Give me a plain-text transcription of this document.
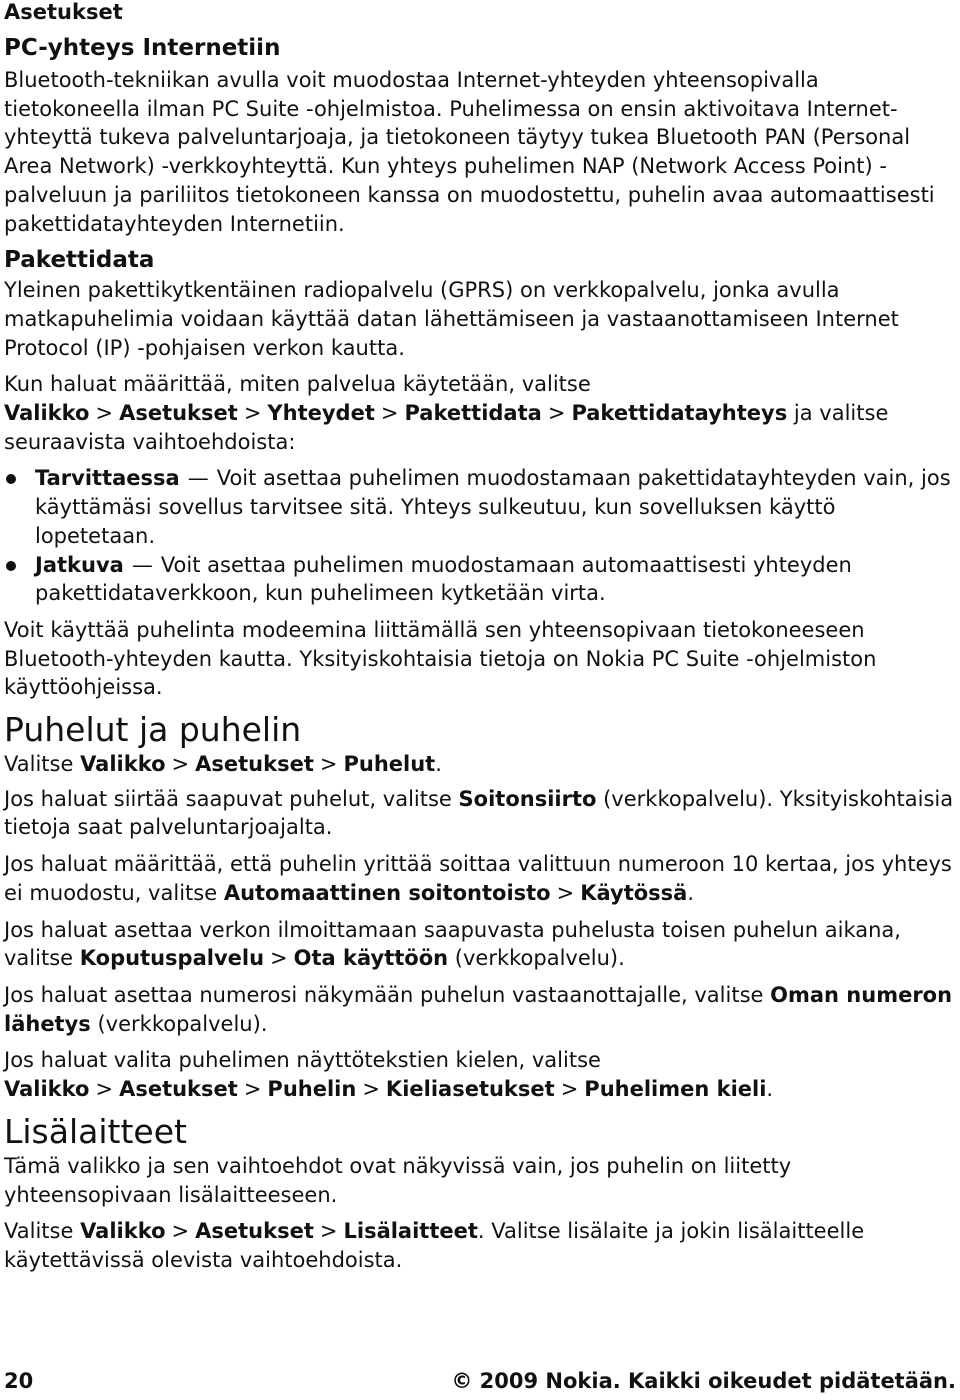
Asetukset
PC-yhteys Internetiin

Bluetooth-tekniikan avulla voit muodostaa Internet-yhteyden yhteensopivalla tietokoneella ilman PC Suite -ohjelmistoa. Puhelimessa on ensin aktivoitava Internet-yhteyttä tukeva palveluntarjoaja, ja tietokoneen täytyy tukea Bluetooth PAN (Personal Area Network) -verkkoyhteyttä. Kun yhteys puhelimen NAP (Network Access Point) -palveluun ja pariliitos tietokoneen kanssa on muodostettu, puhelin avaa automaattisesti pakettidatayhteyden Internetiin.

Pakettidata

Yleinen pakettikytkentäinen radiopalvelu (GPRS) on verkkopalvelu, jonka avulla matkapuhelimia voidaan käyttää datan lähettämiseen ja vastaanottamiseen Internet Protocol (IP) -pohjaisen verkon kautta.

Kun haluat määrittää, miten palvelua käytetään, valitse Valikko > Asetukset > Yhteydet > Pakettidata > Pakettidatayhteys ja valitse seuraavista vaihtoehdoista:

Tarvittaessa — Voit asettaa puhelimen muodostamaan pakettidatayhteyden vain, jos käyttämäsi sovellus tarvitsee sitä. Yhteys sulkeutuu, kun sovelluksen käyttö lopetetaan.
Jatkuva — Voit asettaa puhelimen muodostamaan automaattisesti yhteyden pakettidataverkkoon, kun puhelimeen kytketään virta.

Voit käyttää puhelinta modeemina liittämällä sen yhteensopivaan tietokoneeseen Bluetooth-yhteyden kautta. Yksityiskohtaisia tietoja on Nokia PC Suite -ohjelmiston käyttöohjeissa.

Puhelut ja puhelin

Valitse Valikko > Asetukset > Puhelut.

Jos haluat siirtää saapuvat puhelut, valitse Soitonsiirto (verkkopalvelu). Yksityiskohtaisia tietoja saat palveluntarjoajalta.

Jos haluat määrittää, että puhelin yrittää soittaa valittuun numeroon 10 kertaa, jos yhteys ei muodostu, valitse Automaattinen soitontoisto > Käytössä.

Jos haluat asettaa verkon ilmoittamaan saapuvasta puhelusta toisen puhelun aikana, valitse Koputuspalvelu > Ota käyttöön (verkkopalvelu).

Jos haluat asettaa numerosi näkymään puhelun vastaanottajalle, valitse Oman numeron lähetys (verkkopalvelu).

Jos haluat valita puhelimen näyttötekstien kielen, valitse Valikko > Asetukset > Puhelin > Kieliasetukset > Puhelimen kieli.

Lisälaitteet

Tämä valikko ja sen vaihtoehdot ovat näkyvissä vain, jos puhelin on liitetty yhteensopivaan lisälaitteeseen.

Valitse Valikko > Asetukset > Lisälaitteet. Valitse lisälaite ja jokin lisälaitteelle käytettävissä olevista vaihtoehdoista.

20	© 2009 Nokia. Kaikki oikeudet pidätetään.
